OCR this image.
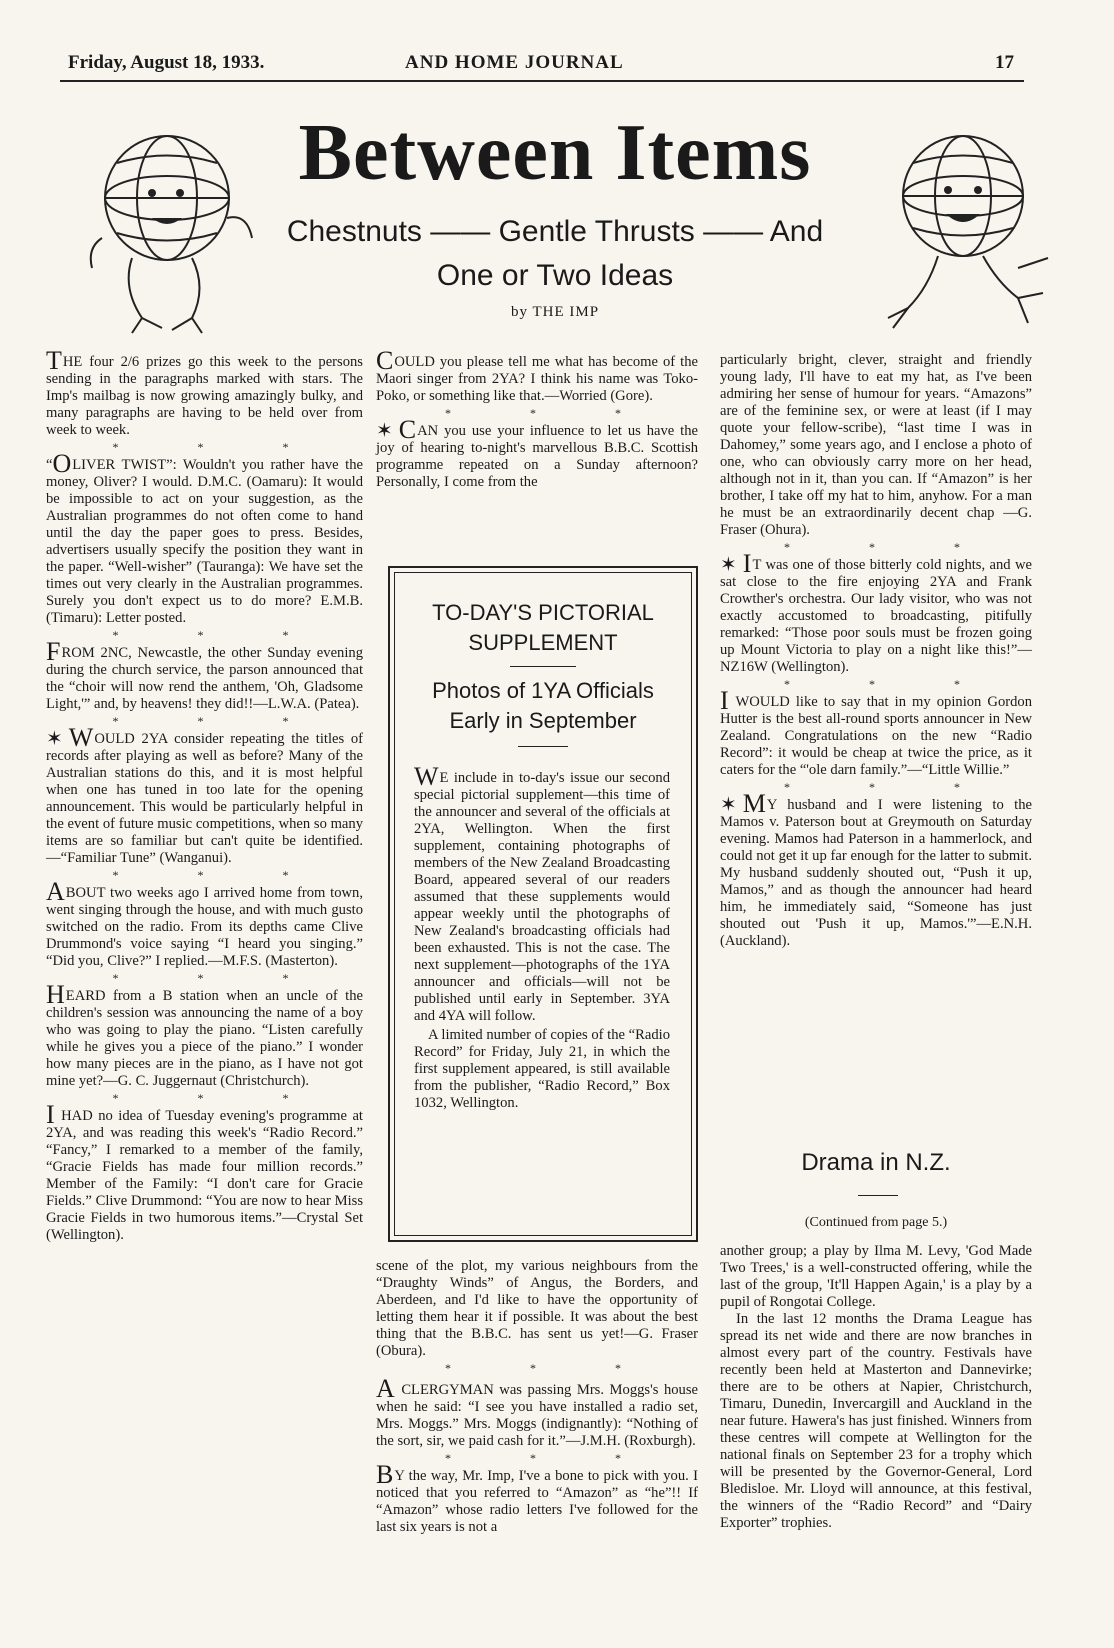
Friday, August 18, 1933.	AND HOME JOURNAL	17
Between Items
Chestnuts —— Gentle Thrusts —— And
One or Two Ideas
by THE IMP

THE four 2/6 prizes go this week to the persons sending in the paragraphs marked with stars. The Imp's mailbag is now growing amazingly bulky, and many paragraphs are having to be held over from week to week.

* * *

“OLIVER TWIST”: Wouldn't you rather have the money, Oliver? I would. D.M.C. (Oamaru): It would be impossible to act on your suggestion, as the Australian programmes do not often come to hand until the day the paper goes to press. Besides, advertisers usually specify the position they want in the paper. “Well-wisher” (Tauranga): We have set the times out very clearly in the Australian programmes. Surely you don't expect us to do more? E.M.B. (Timaru): Letter posted.

* * *

FROM 2NC, Newcastle, the other Sunday evening during the church service, the parson announced that the “choir will now rend the anthem, 'Oh, Gladsome Light,'” and, by heavens! they did!!—L.W.A. (Patea).

* * *

✶ WOULD 2YA consider repeating the titles of records after playing as well as before? Many of the Australian stations do this, and it is most helpful when one has tuned in too late for the opening announcement. This would be particularly helpful in the event of future music competitions, when so many items are so familiar but can't quite be identified.—“Familiar Tune” (Wanganui).

* * *

ABOUT two weeks ago I arrived home from town, went singing through the house, and with much gusto switched on the radio. From its depths came Clive Drummond's voice saying “I heard you singing.” “Did you, Clive?” I replied.—M.F.S. (Masterton).

* * *

HEARD from a B station when an uncle of the children's session was announcing the name of a boy who was going to play the piano. “Listen carefully while he gives you a piece of the piano.” I wonder how many pieces are in the piano, as I have not got mine yet?—G. C. Juggernaut (Christchurch).

* * *

I HAD no idea of Tuesday evening's programme at 2YA, and was reading this week's “Radio Record.” “Fancy,” I remarked to a member of the family, “Gracie Fields has made four million records.” Member of the Family: “I don't care for Gracie Fields.” Clive Drummond: “You are now to hear Miss Gracie Fields in two humorous items.”—Crystal Set (Wellington).

COULD you please tell me what has become of the Maori singer from 2YA? I think his name was Toko-Poko, or something like that.—Worried (Gore).

* * *

✶ CAN you use your influence to let us have the joy of hearing to-night's marvellous B.B.C. Scottish programme repeated on a Sunday afternoon? Personally, I come from the

TO-DAY'S PICTORIAL
SUPPLEMENT
Photos of 1YA Officials
Early in September

WE include in to-day's issue our second special pictorial supplement—this time of the announcer and several of the officials at 2YA, Wellington. When the first supplement, containing photographs of members of the New Zealand Broadcasting Board, appeared several of our readers assumed that these supplements would appear weekly until the photographs of New Zealand's broadcasting officials had been exhausted. This is not the case. The next supplement—photographs of the 1YA announcer and officials—will not be published until early in September. 3YA and 4YA will follow.

A limited number of copies of the “Radio Record” for Friday, July 21, in which the first supplement appeared, is still available from the publisher, “Radio Record,” Box 1032, Wellington.

scene of the plot, my various neighbours from the “Draughty Winds” of Angus, the Borders, and Aberdeen, and I'd like to have the opportunity of letting them hear it if possible. It was about the best thing that the B.B.C. has sent us yet!—G. Fraser (Obura).

* * *

A CLERGYMAN was passing Mrs. Moggs's house when he said: “I see you have installed a radio set, Mrs. Moggs.” Mrs. Moggs (indignantly): “Nothing of the sort, sir, we paid cash for it.”—J.M.H. (Roxburgh).

* * *

BY the way, Mr. Imp, I've a bone to pick with you. I noticed that you referred to “Amazon” as “he”!! If “Amazon” whose radio letters I've followed for the last six years is not a

particularly bright, clever, straight and friendly young lady, I'll have to eat my hat, as I've been admiring her sense of humour for years. “Amazons” are of the feminine sex, or were at least (if I may quote your fellow-scribe), “last time I was in Dahomey,” some years ago, and I enclose a photo of one, who can obviously carry more on her head, although not in it, than you can. If “Amazon” is her brother, I take off my hat to him, anyhow. For a man he must be an extraordinarily decent chap —G. Fraser (Ohura).

* * *

✶ IT was one of those bitterly cold nights, and we sat close to the fire enjoying 2YA and Frank Crowther's orchestra. Our lady visitor, who was not exactly accustomed to broadcasting, pitifully remarked: “Those poor souls must be frozen going up Mount Victoria to play on a night like this!”—NZ16W (Wellington).

* * *

I WOULD like to say that in my opinion Gordon Hutter is the best all-round sports announcer in New Zealand. Congratulations on the new “Radio Record”: it would be cheap at twice the price, as it caters for the “'ole darn family.”—“Little Willie.”

* * *

✶ MY husband and I were listening to the Mamos v. Paterson bout at Greymouth on Saturday evening. Mamos had Paterson in a hammerlock, and could not get it up far enough for the latter to submit. My husband suddenly shouted out, “Push it up, Mamos,” and as though the announcer had heard him, he immediately said, “Someone has just shouted out 'Push it up, Mamos.'”—E.N.H. (Auckland).

Drama in N.Z.
(Continued from page 5.)

another group; a play by Ilma M. Levy, 'God Made Two Trees,' is a well-constructed offering, while the last of the group, 'It'll Happen Again,' is a play by a pupil of Rongotai College.

In the last 12 months the Drama League has spread its net wide and there are now branches in almost every part of the country. Festivals have recently been held at Masterton and Dannevirke; there are to be others at Napier, Christchurch, Timaru, Dunedin, Invercargill and Auckland in the near future. Hawera's has just finished. Winners from these centres will compete at Wellington for the national finals on September 23 for a trophy which will be presented by the Governor-General, Lord Bledisloe. Mr. Lloyd will announce, at this festival, the winners of the “Radio Record” and “Dairy Exporter” trophies.
